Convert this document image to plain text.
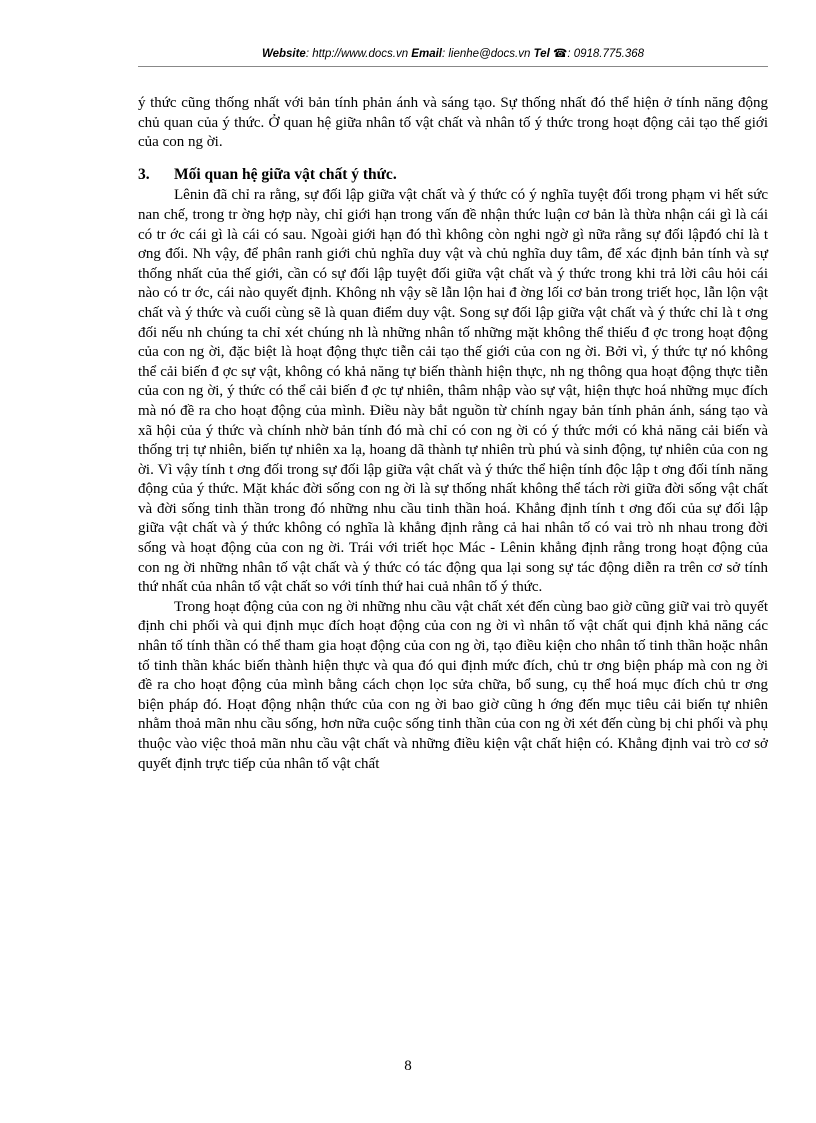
Website: http://www.docs.vn Email: lienhe@docs.vn Tel ☎: 0918.775.368

ý thức cũng thống nhất với bản tính phản ánh và sáng tạo. Sự thống nhất đó thể hiện ở tính năng động chủ quan của ý thức. Ở quan hệ giữa nhân tố vật chất và nhân tố ý thức trong hoạt động cải tạo thế giới của con ng ời.

3. Mối quan hệ giữa vật chất ý thức.

Lênin đã chỉ ra rằng, sự đối lập giữa vật chất và ý thức có ý nghĩa tuyệt đối trong phạm vi hết sức nan chế, trong tr ờng hợp này, chỉ giới hạn trong vấn đề nhận thức luận cơ bản là thừa nhận cái gì là cái có tr ớc cái gì là cái có sau. Ngoài giới hạn đó thì không còn nghi ngờ gì nữa rằng sự đối lậpđó chỉ là t ơng đối. Nh vậy, để phân ranh giới chủ nghĩa duy vật và chủ nghĩa duy tâm, để xác định bản tính và sự thống nhất của thế giới, cần có sự đối lập tuyệt đối giữa vật chất và ý thức trong khi trả lời câu hỏi cái nào có tr ớc, cái nào quyết định. Không nh vậy sẽ lẫn lộn hai đ ờng lối cơ bản trong triết học, lẫn lộn vật chất và ý thức và cuối cùng sẽ là quan điểm duy vật. Song sự đối lập giữa vật chất và ý thức chỉ là t ơng đối nếu nh chúng ta chỉ xét chúng nh là những nhân tố những mặt không thể thiếu đ ợc trong hoạt động của con ng ời, đặc biệt là hoạt động thực tiễn cải tạo thế giới của con ng ời. Bởi vì, ý thức tự nó không thể cải biến đ ợc sự vật, không có khả năng tự biến thành hiện thực, nh ng thông qua hoạt động thực tiễn của con ng ời, ý thức có thể cải biến đ ợc tự nhiên, thâm nhập vào sự vật, hiện thực hoá những mục đích mà nó đề ra cho hoạt động của mình. Điều này bắt nguồn từ chính ngay bản tính phản ánh, sáng tạo và xã hội của ý thức và chính nhờ bản tính đó mà chỉ có con ng ời có ý thức mới có khả năng cải biến và thống trị tự nhiên, biến tự nhiên xa lạ, hoang dã thành tự nhiên trù phú và sinh động, tự nhiên của con ng ời. Vì vậy tính t ơng đối trong sự đối lập giữa vật chất và ý thức thể hiện tính độc lập t ơng đối tính năng động của ý thức. Mặt khác đời sống con ng ời là sự thống nhất không thể tách rời giữa đời sống vật chất và đời sống tinh thần trong đó những nhu cầu tinh thần hoá. Khẳng định tính t ơng đối của sự đối lập giữa vật chất và ý thức không có nghĩa là khẳng định rằng cả hai nhân tố có vai trò nh nhau trong đời sống và hoạt động của con ng ời. Trái với triết học Mác - Lênin khẳng định rằng trong hoạt động của con ng ời những nhân tố vật chất và ý thức có tác động qua lại song sự tác động diễn ra trên cơ sở tính thứ nhất của nhân tố vật chất so với tính thứ hai cuả nhân tố ý thức.

Trong hoạt động của con ng ời những nhu cầu vật chất xét đến cùng bao giờ cũng giữ vai trò quyết định chi phối và qui định mục đích hoạt động của con ng ời vì nhân tố vật chất qui định khả năng các nhân tố tính thần có thể tham gia hoạt động của con ng ời, tạo điều kiện cho nhân tố tinh thần hoặc nhân tố tinh thần khác biến thành hiện thực và qua đó qui định mức đích, chủ tr ơng biện pháp mà con ng ời đề ra cho hoạt động của mình bằng cách chọn lọc sửa chữa, bổ sung, cụ thể hoá mục đích chủ tr ơng biện pháp đó. Hoạt động nhận thức của con ng ời bao giờ cũng h ớng đến mục tiêu cải biến tự nhiên nhằm thoả mãn nhu cầu sống, hơn nữa cuộc sống tinh thần của con ng ời xét đến cùng bị chi phối và phụ thuộc vào việc thoả mãn nhu cầu vật chất và những điều kiện vật chất hiện có. Khẳng định vai trò cơ sở quyết định trực tiếp của nhân tố vật chất

8
